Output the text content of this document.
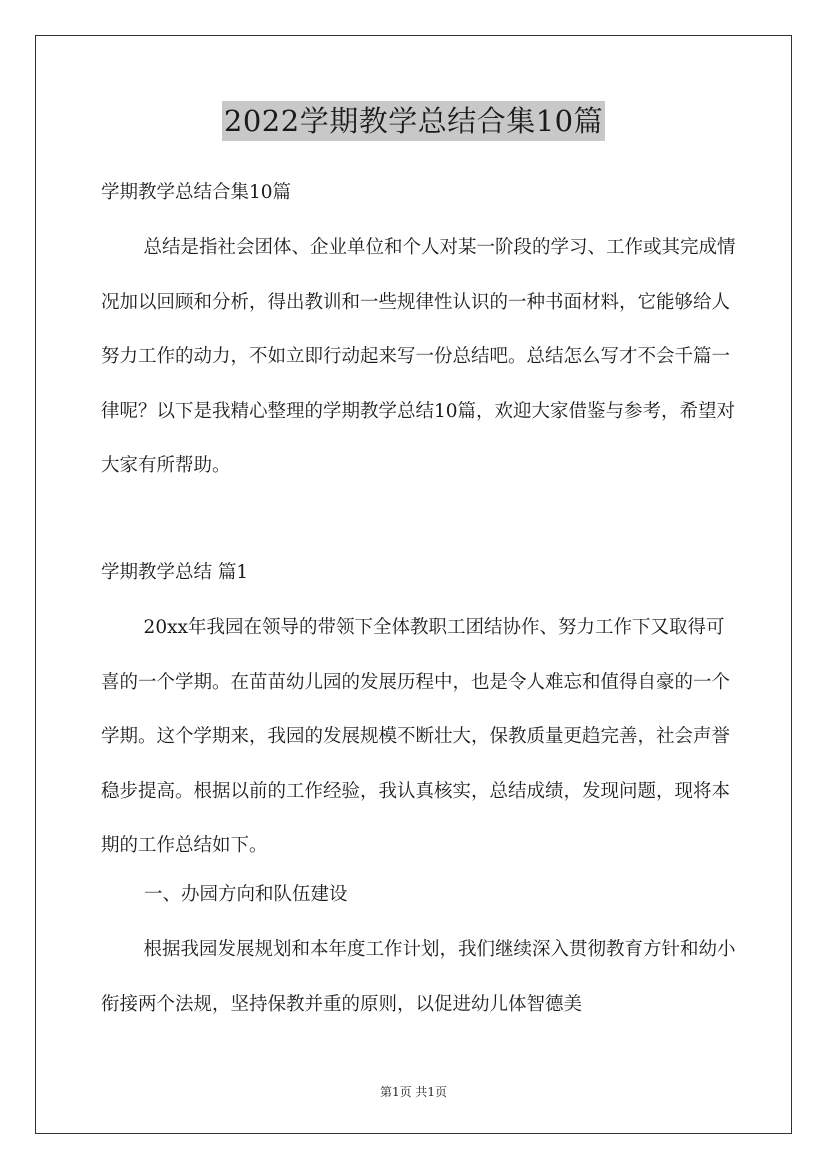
2022学期教学总结合集10篇
学期教学总结合集10篇

总结是指社会团体、企业单位和个人对某一阶段的学习、工作或其完成情况加以回顾和分析，得出教训和一些规律性认识的一种书面材料，它能够给人努力工作的动力，不如立即行动起来写一份总结吧。总结怎么写才不会千篇一律呢？以下是我精心整理的学期教学总结10篇，欢迎大家借鉴与参考，希望对大家有所帮助。

学期教学总结 篇1

20xx年我园在领导的带领下全体教职工团结协作、努力工作下又取得可喜的一个学期。在苗苗幼儿园的发展历程中，也是令人难忘和值得自豪的一个学期。这个学期来，我园的发展规模不断壮大，保教质量更趋完善，社会声誉稳步提高。根据以前的工作经验，我认真核实，总结成绩，发现问题，现将本期的工作总结如下。

一、办园方向和队伍建设

根据我园发展规划和本年度工作计划，我们继续深入贯彻教育方针和幼小衔接两个法规，坚持保教并重的原则，以促进幼儿体智德美

第1页 共1页
